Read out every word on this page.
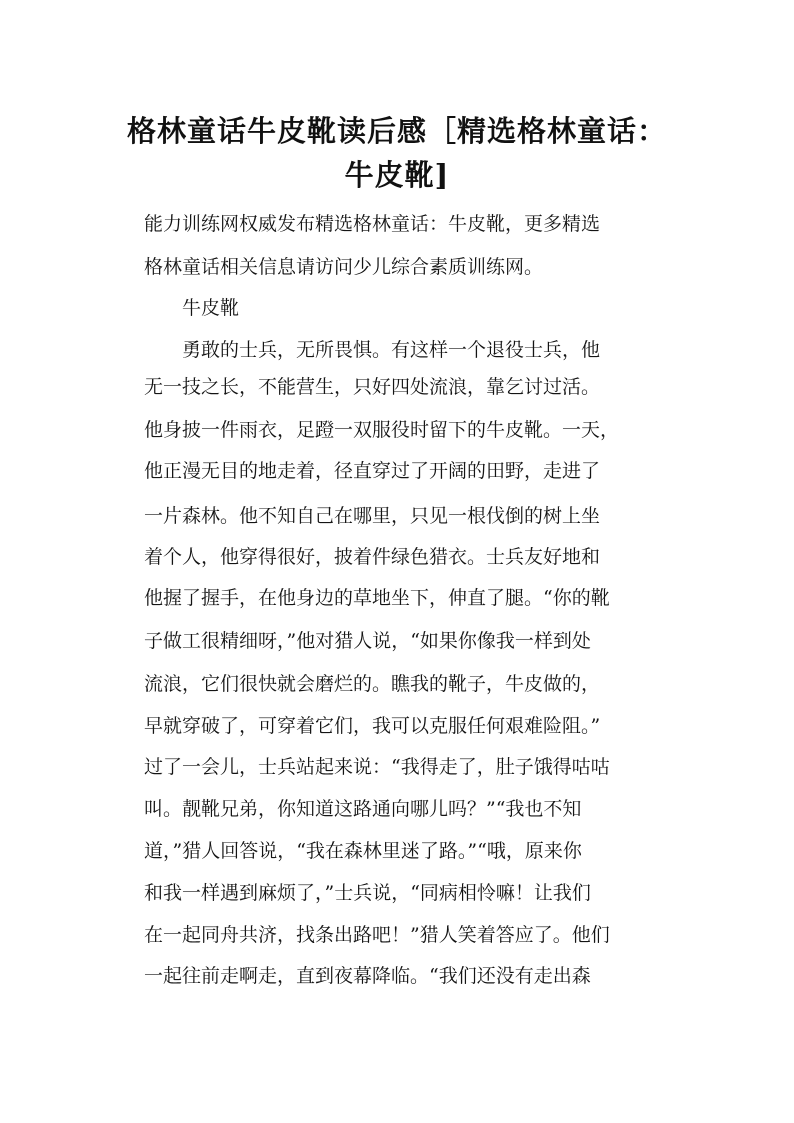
格林童话牛皮靴读后感［精选格林童话：
牛皮靴]
能力训练网权威发布精选格林童话：牛皮靴，更多精选
格林童话相关信息请访问少儿综合素质训练网。
牛皮靴
勇敢的士兵，无所畏惧。有这样一个退役士兵，他
无一技之长，不能营生，只好四处流浪，靠乞讨过活。
他身披一件雨衣，足蹬一双服役时留下的牛皮靴。一天，
他正漫无目的地走着，径直穿过了开阔的田野，走进了
一片森林。他不知自己在哪里，只见一根伐倒的树上坐
着个人，他穿得很好，披着件绿色猎衣。士兵友好地和
他握了握手，在他身边的草地坐下，伸直了腿。“你的靴
子做工很精细呀，”他对猎人说，“如果你像我一样到处
流浪，它们很快就会磨烂的。瞧我的靴子，牛皮做的，
早就穿破了，可穿着它们，我可以克服任何艰难险阻。”
过了一会儿，士兵站起来说：“我得走了，肚子饿得咕咕
叫。靓靴兄弟，你知道这路通向哪儿吗？”“我也不知
道，”猎人回答说，“我在森林里迷了路。”“哦，原来你
和我一样遇到麻烦了，”士兵说，“同病相怜嘛！让我们
在一起同舟共济，找条出路吧！”猎人笑着答应了。他们
一起往前走啊走，直到夜幕降临。“我们还没有走出森
